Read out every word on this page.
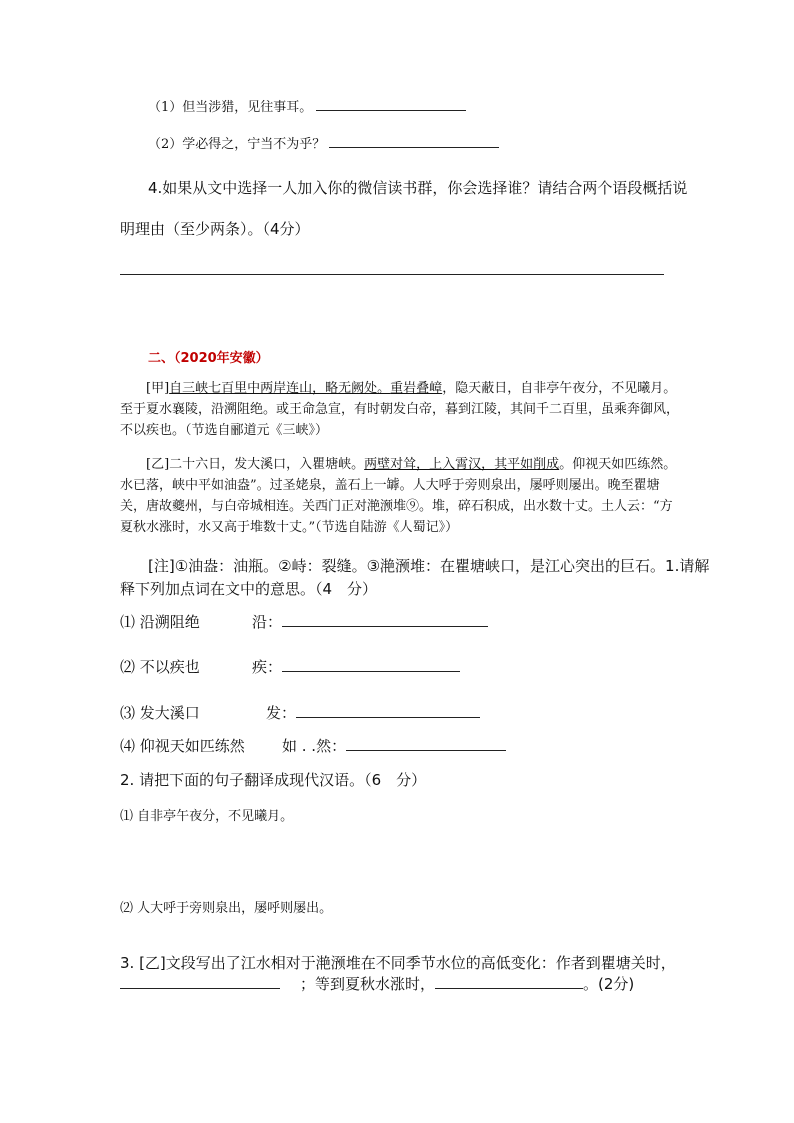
（1）但当涉猎，见往事耳。
（2）学必得之，宁当不为乎？
4.如果从文中选择一人加入你的微信读书群，你会选择谁？请结合两个语段概括说
明理由（至少两条）。（4分）
二、（2020年安徽）
[甲]自三峡七百里中两岸连山，略无阙处。重岩叠嶂，隐天蔽日，自非亭午夜分，不见曦月。至于夏水襄陵，沿溯阻绝。或王命急宣，有时朝发白帝，暮到江陵，其间千二百里，虽乘奔御风，不以疾也。（节选自郦道元《三峡》）
[乙]二十六日，发大溪口，入瞿塘峡。两壁对耸，上入霄汉，其平如削成。仰视天如匹练然。水已落，峡中平如油盎”。过圣姥泉，盖石上一罅。人大呼于旁则泉出，屡呼则屡出。晚至瞿塘关，唐故夔州，与白帝城相连。关西门正对滟滪堆⑨。堆，碎石积成，出水数十丈。土人云：“方夏秋水涨时，水又高于堆数十丈。”（节选自陆游《人蜀记》）
[注]①油盎：油瓶。②峙：裂缝。③滟滪堆：在瞿塘峡口，是江心突出的巨石。1.请解
释下列加点词在文中的意思。（4　分）
⑴ 沿溯阻绝	沿：
⑵ 不以疾也	疾：
⑶ 发大溪口	发：
⑷ 仰视天如匹练然 如 . .然：
2. 请把下面的句子翻译成现代汉语。（6　分）
⑴ 自非亭午夜分，不见曦月。
⑵ 人大呼于旁则泉出，屡呼则屡出。
3. [乙]文段写出了江水相对于滟滪堆在不同季节水位的高低变化：作者到瞿塘关时，
；等到夏秋水涨时，	。(2分)
